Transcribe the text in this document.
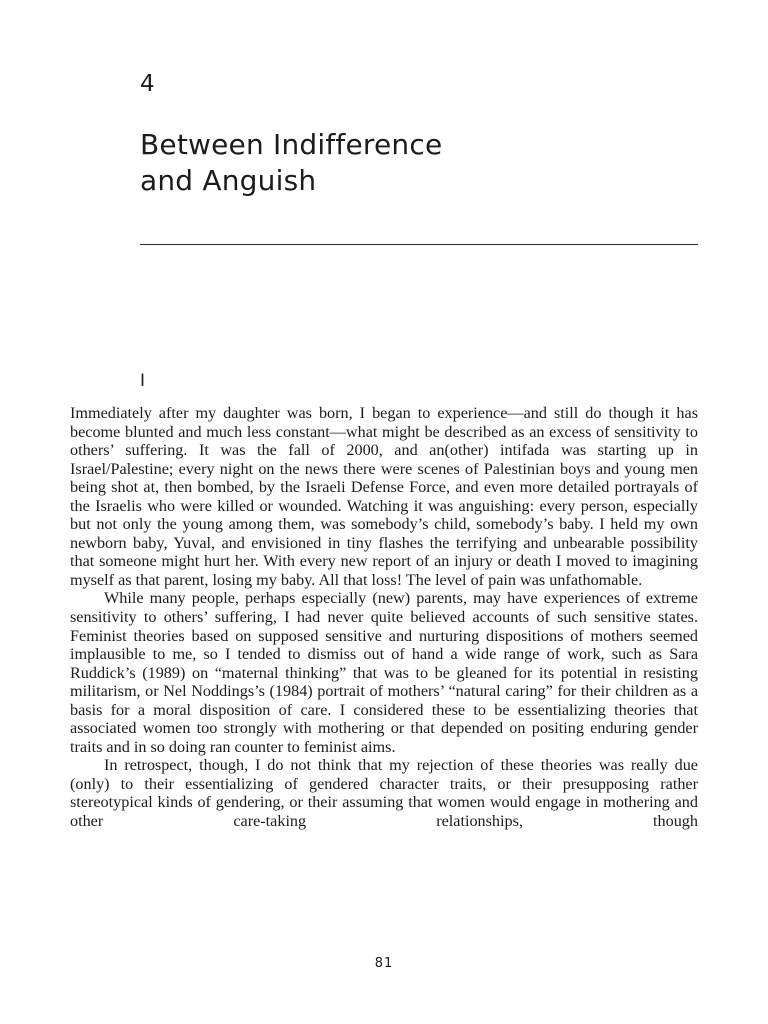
4
Between Indifference
and Anguish
I

Immediately after my daughter was born, I began to experience—and still do though it has become blunted and much less constant—what might be described as an excess of sensitivity to others’ suffering. It was the fall of 2000, and an(other) intifada was starting up in Israel/Palestine; every night on the news there were scenes of Palestinian boys and young men being shot at, then bombed, by the Israeli Defense Force, and even more detailed portrayals of the Israelis who were killed or wounded. Watching it was anguishing: every person, especially but not only the young among them, was somebody’s child, somebody’s baby. I held my own newborn baby, Yuval, and envisioned in tiny flashes the terrifying and unbearable possibility that someone might hurt her. With every new report of an injury or death I moved to imagining myself as that parent, losing my baby. All that loss! The level of pain was unfathomable.

While many people, perhaps especially (new) parents, may have experiences of extreme sensitivity to others’ suffering, I had never quite believed accounts of such sensitive states. Feminist theories based on supposed sensitive and nurturing dispositions of mothers seemed implausible to me, so I tended to dismiss out of hand a wide range of work, such as Sara Ruddick’s (1989) on “maternal thinking” that was to be gleaned for its potential in resisting militarism, or Nel Noddings’s (1984) portrait of mothers’ “natural caring” for their children as a basis for a moral disposition of care. I considered these to be essentializing theories that associated women too strongly with mothering or that depended on positing enduring gender traits and in so doing ran counter to feminist aims.

In retrospect, though, I do not think that my rejection of these theories was really due (only) to their essentializing of gendered character traits, or their presupposing rather stereotypical kinds of gendering, or their assuming that women would engage in mothering and other care-taking relationships, though

81
